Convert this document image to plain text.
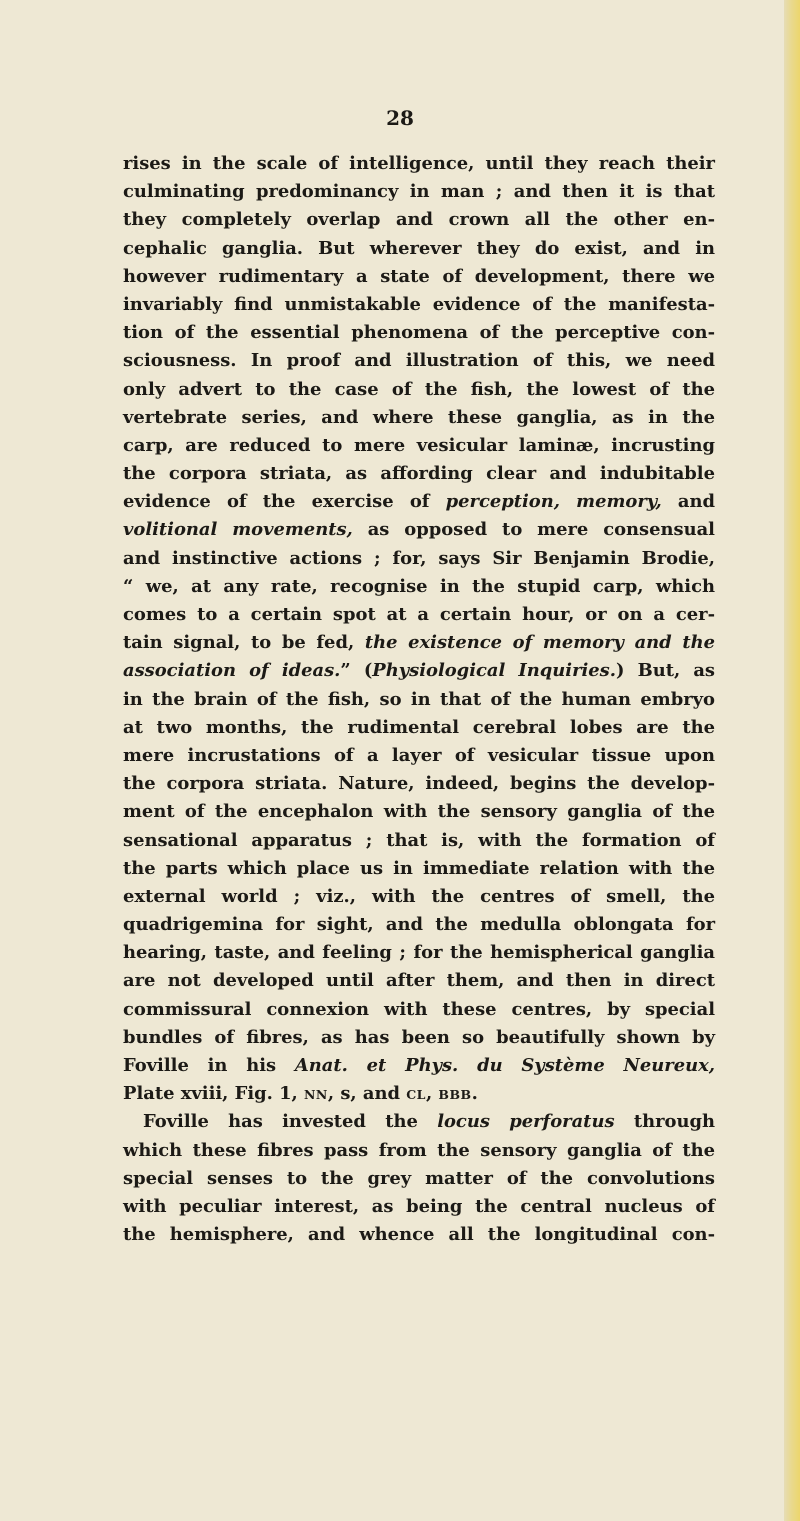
28
rises in the scale of intelligence, until they reach their
culminating predominancy in man ; and then it is that
they completely overlap and crown all the other en-
cephalic ganglia. But wherever they do exist, and in
however rudimentary a state of development, there we
invariably find unmistakable evidence of the manifesta-
tion of the essential phenomena of the perceptive con-
sciousness. In proof and illustration of this, we need
only advert to the case of the fish, the lowest of the
vertebrate series, and where these ganglia, as in the
carp, are reduced to mere vesicular laminæ, incrusting
the corpora striata, as affording clear and indubitable
evidence of the exercise of perception, memory, and
volitional movements, as opposed to mere consensual
and instinctive actions ; for, says Sir Benjamin Brodie,
“ we, at any rate, recognise in the stupid carp, which
comes to a certain spot at a certain hour, or on a cer-
tain signal, to be fed, the existence of memory and the
association of ideas.” (Physiological Inquiries.) But, as
in the brain of the fish, so in that of the human embryo
at two months, the rudimental cerebral lobes are the
mere incrustations of a layer of vesicular tissue upon
the corpora striata. Nature, indeed, begins the develop-
ment of the encephalon with the sensory ganglia of the
sensational apparatus ; that is, with the formation of
the parts which place us in immediate relation with the
external world ; viz., with the centres of smell, the
quadrigemina for sight, and the medulla oblongata for
hearing, taste, and feeling ; for the hemispherical ganglia
are not developed until after them, and then in direct
commissural connexion with these centres, by special
bundles of fibres, as has been so beautifully shown by
Foville in his Anat. et Phys. du Système Neureux,
Plate xviii, Fig. 1, NN, s, and CL, BBB.
Foville has invested the locus perforatus through
which these fibres pass from the sensory ganglia of the
special senses to the grey matter of the convolutions
with peculiar interest, as being the central nucleus of
the hemisphere, and whence all the longitudinal con-
